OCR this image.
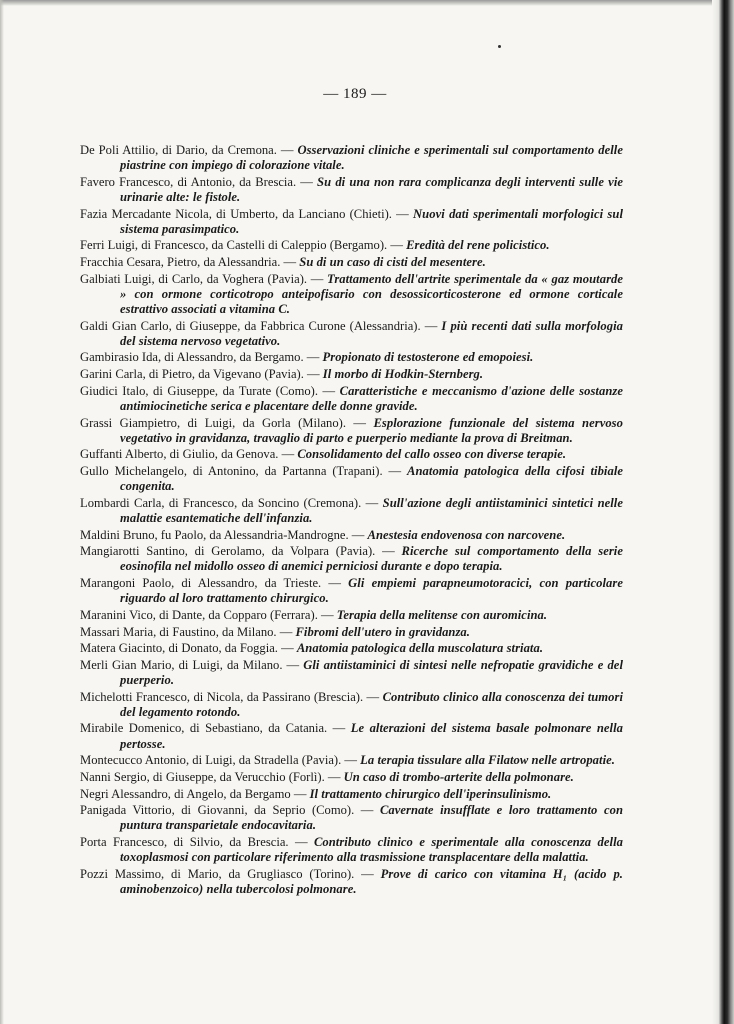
— 189 —

De Poli Attilio, di Dario, da Cremona. — Osservazioni cliniche e sperimentali sul comportamento delle piastrine con impiego di colorazione vitale.

Favero Francesco, di Antonio, da Brescia. — Su di una non rara complicanza degli interventi sulle vie urinarie alte: le fistole.

Fazia Mercadante Nicola, di Umberto, da Lanciano (Chieti). — Nuovi dati sperimentali morfologici sul sistema parasimpatico.

Ferri Luigi, di Francesco, da Castelli di Caleppio (Bergamo). — Eredità del rene policistico.

Fracchia Cesara, Pietro, da Alessandria. — Su di un caso di cisti del mesentere.

Galbiati Luigi, di Carlo, da Voghera (Pavia). — Trattamento dell'artrite sperimentale da « gaz moutarde » con ormone corticotropo anteipofisario con desossicorticosterone ed ormone corticale estrattivo associati a vitamina C.

Galdi Gian Carlo, di Giuseppe, da Fabbrica Curone (Alessandria). — I più recenti dati sulla morfologia del sistema nervoso vegetativo.

Gambirasio Ida, di Alessandro, da Bergamo. — Propionato di testosterone ed emopoiesi.

Garini Carla, di Pietro, da Vigevano (Pavia). — Il morbo di Hodkin-Sternberg.

Giudici Italo, di Giuseppe, da Turate (Como). — Caratteristiche e meccanismo d'azione delle sostanze antimiocinetiche serica e placentare delle donne gravide.

Grassi Giampietro, di Luigi, da Gorla (Milano). — Esplorazione funzionale del sistema nervoso vegetativo in gravidanza, travaglio di parto e puerperio mediante la prova di Breitman.

Guffanti Alberto, di Giulio, da Genova. — Consolidamento del callo osseo con diverse terapie.

Gullo Michelangelo, di Antonino, da Partanna (Trapani). — Anatomia patologica della cifosi tibiale congenita.

Lombardi Carla, di Francesco, da Soncino (Cremona). — Sull'azione degli antiistaminici sintetici nelle malattie esantematiche dell'infanzia.

Maldini Bruno, fu Paolo, da Alessandria-Mandrogne. — Anestesia endovenosa con narcovene.

Mangiarotti Santino, di Gerolamo, da Volpara (Pavia). — Ricerche sul comportamento della serie eosinofila nel midollo osseo di anemici perniciosi durante e dopo terapia.

Marangoni Paolo, di Alessandro, da Trieste. — Gli empiemi parapneumotoracici, con particolare riguardo al loro trattamento chirurgico.

Maranini Vico, di Dante, da Copparo (Ferrara). — Terapia della melitense con auromicina.

Massari Maria, di Faustino, da Milano. — Fibromi dell'utero in gravidanza.

Matera Giacinto, di Donato, da Foggia. — Anatomia patologica della muscolatura striata.

Merli Gian Mario, di Luigi, da Milano. — Gli antiistaminici di sintesi nelle nefropatie gravidiche e del puerperio.

Michelotti Francesco, di Nicola, da Passirano (Brescia). — Contributo clinico alla conoscenza dei tumori del legamento rotondo.

Mirabile Domenico, di Sebastiano, da Catania. — Le alterazioni del sistema basale polmonare nella pertosse.

Montecucco Antonio, di Luigi, da Stradella (Pavia). — La terapia tissulare alla Filatow nelle artropatie.

Nanni Sergio, di Giuseppe, da Verucchio (Forlì). — Un caso di trombo-arterite della polmonare.

Negri Alessandro, di Angelo, da Bergamo — Il trattamento chirurgico dell'iperinsulinismo.

Panigada Vittorio, di Giovanni, da Seprio (Como). — Cavernate insufflate e loro trattamento con puntura transparietale endocavitaria.

Porta Francesco, di Silvio, da Brescia. — Contributo clinico e sperimentale alla conoscenza della toxoplasmosi con particolare riferimento alla trasmissione transplacentare della malattia.

Pozzi Massimo, di Mario, da Grugliasco (Torino). — Prove di carico con vitamina H₁ (acido p. aminobenzoico) nella tubercolosi polmonare.
